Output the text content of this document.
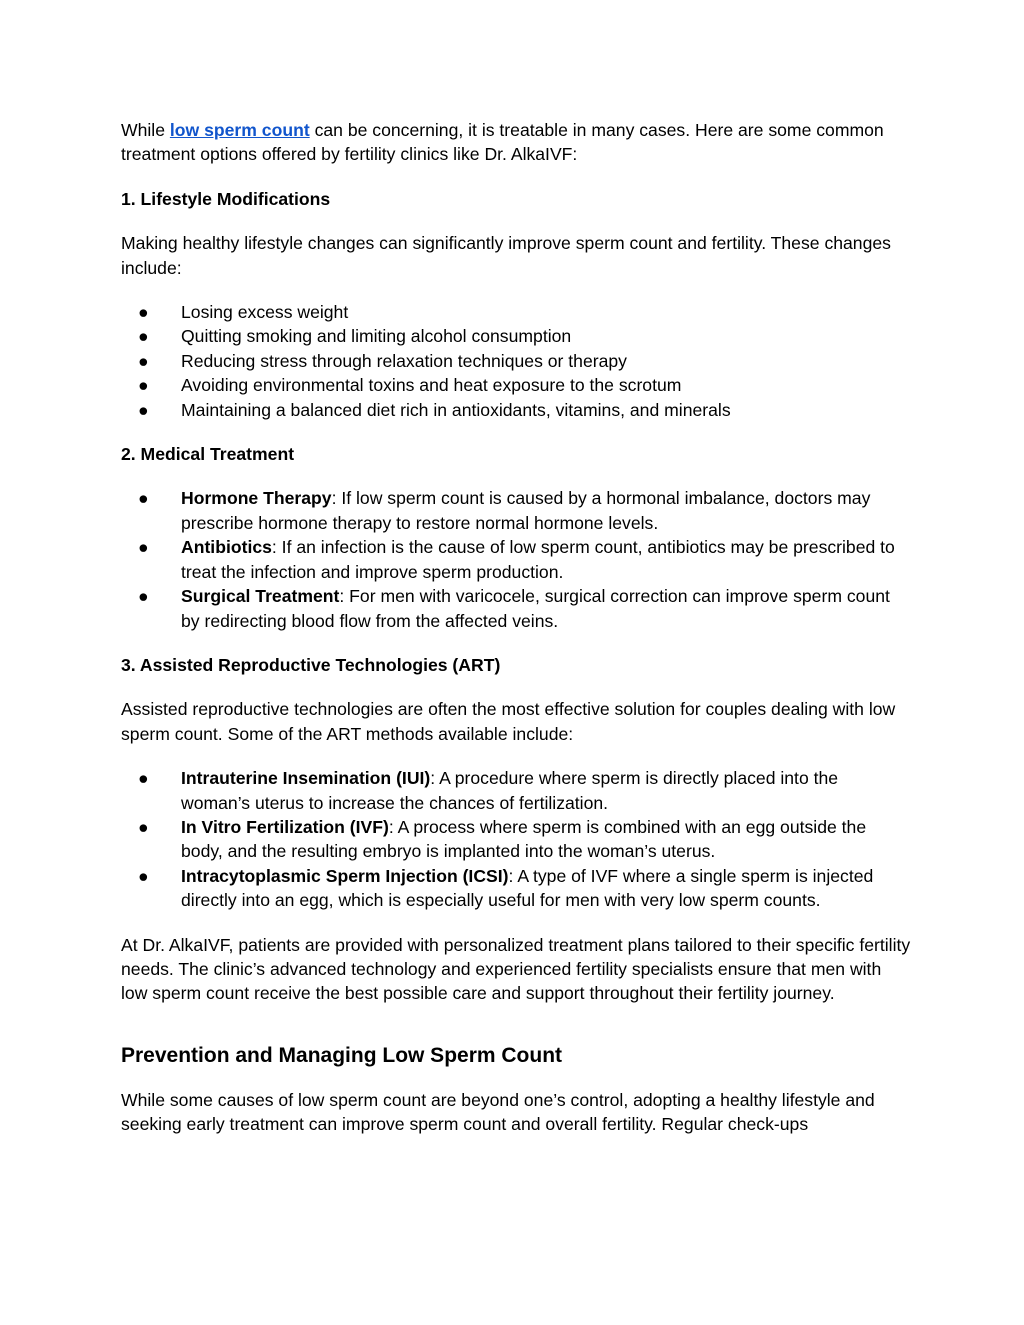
While low sperm count can be concerning, it is treatable in many cases. Here are some common treatment options offered by fertility clinics like Dr. AlkaIVF:

1. Lifestyle Modifications

Making healthy lifestyle changes can significantly improve sperm count and fertility. These changes include:

● Losing excess weight
● Quitting smoking and limiting alcohol consumption
● Reducing stress through relaxation techniques or therapy
● Avoiding environmental toxins and heat exposure to the scrotum
● Maintaining a balanced diet rich in antioxidants, vitamins, and minerals
2. Medical Treatment
● Hormone Therapy: If low sperm count is caused by a hormonal imbalance, doctors may prescribe hormone therapy to restore normal hormone levels.
● Antibiotics: If an infection is the cause of low sperm count, antibiotics may be prescribed to treat the infection and improve sperm production.
● Surgical Treatment: For men with varicocele, surgical correction can improve sperm count by redirecting blood flow from the affected veins.
3. Assisted Reproductive Technologies (ART)

Assisted reproductive technologies are often the most effective solution for couples dealing with low sperm count. Some of the ART methods available include:

● Intrauterine Insemination (IUI): A procedure where sperm is directly placed into the woman’s uterus to increase the chances of fertilization.
● In Vitro Fertilization (IVF): A process where sperm is combined with an egg outside the body, and the resulting embryo is implanted into the woman’s uterus.
● Intracytoplasmic Sperm Injection (ICSI): A type of IVF where a single sperm is injected directly into an egg, which is especially useful for men with very low sperm counts.

At Dr. AlkaIVF, patients are provided with personalized treatment plans tailored to their specific fertility needs. The clinic’s advanced technology and experienced fertility specialists ensure that men with low sperm count receive the best possible care and support throughout their fertility journey.

Prevention and Managing Low Sperm Count

While some causes of low sperm count are beyond one’s control, adopting a healthy lifestyle and seeking early treatment can improve sperm count and overall fertility. Regular check-ups
